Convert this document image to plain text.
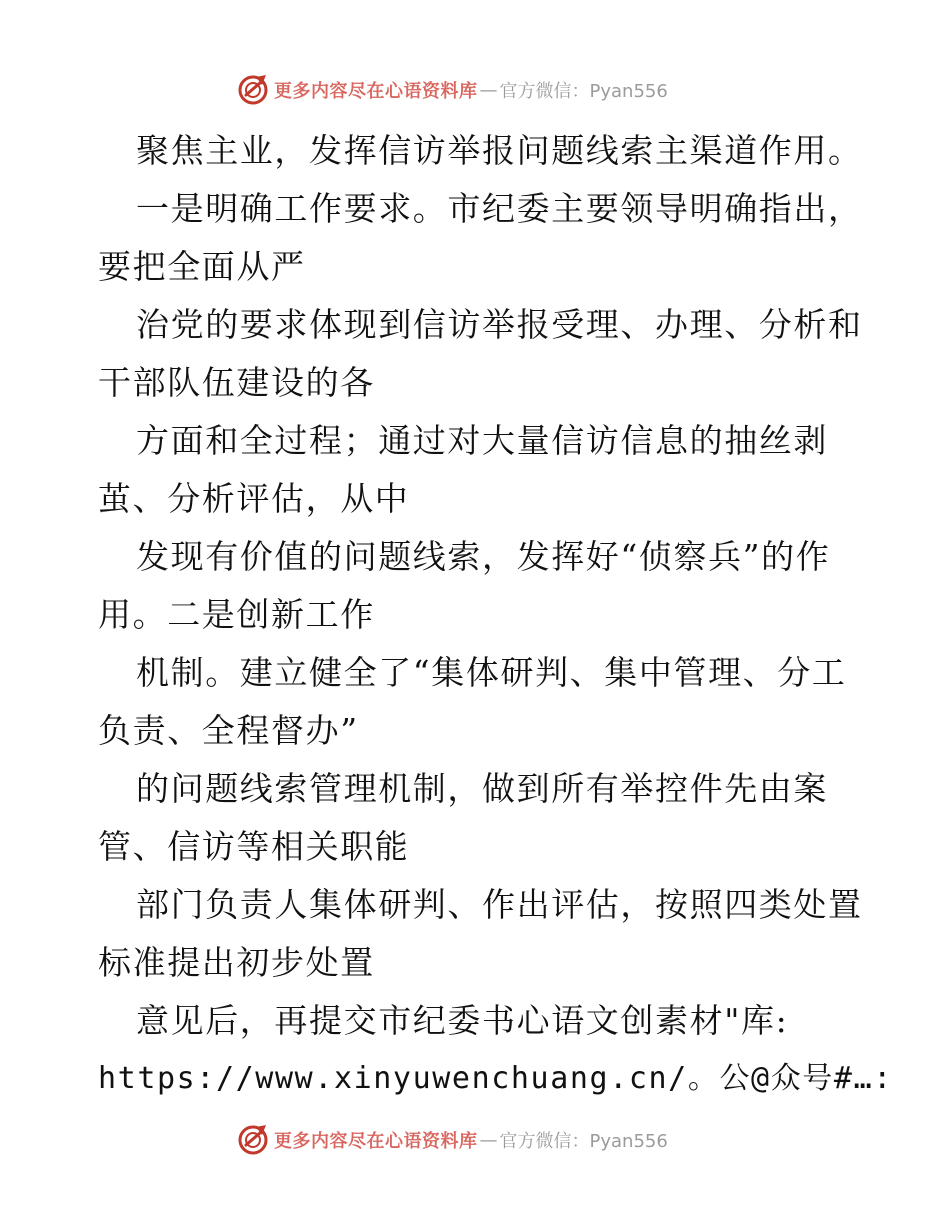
更多内容尽在心语资料库 — 官方微信：Pyan556
聚焦主业，发挥信访举报问题线索主渠道作用。
一是明确工作要求。市纪委主要领导明确指出，
要把全面从严
治党的要求体现到信访举报受理、办理、分析和
干部队伍建设的各
方面和全过程；通过对大量信访信息的抽丝剥
茧、分析评估，从中
发现有价值的问题线索，发挥好“侦察兵”的作
用。二是创新工作
机制。建立健全了“集体研判、集中管理、分工
负责、全程督办”
的问题线索管理机制，做到所有举控件先由案
管、信访等相关职能
部门负责人集体研判、作出评估，按照四类处置
标准提出初步处置
意见后，再提交市纪委书心语文创素材"库:
https://www.xinyuwenchuang.cn/。公@众号#…:
更多内容尽在心语资料库 — 官方微信：Pyan556
